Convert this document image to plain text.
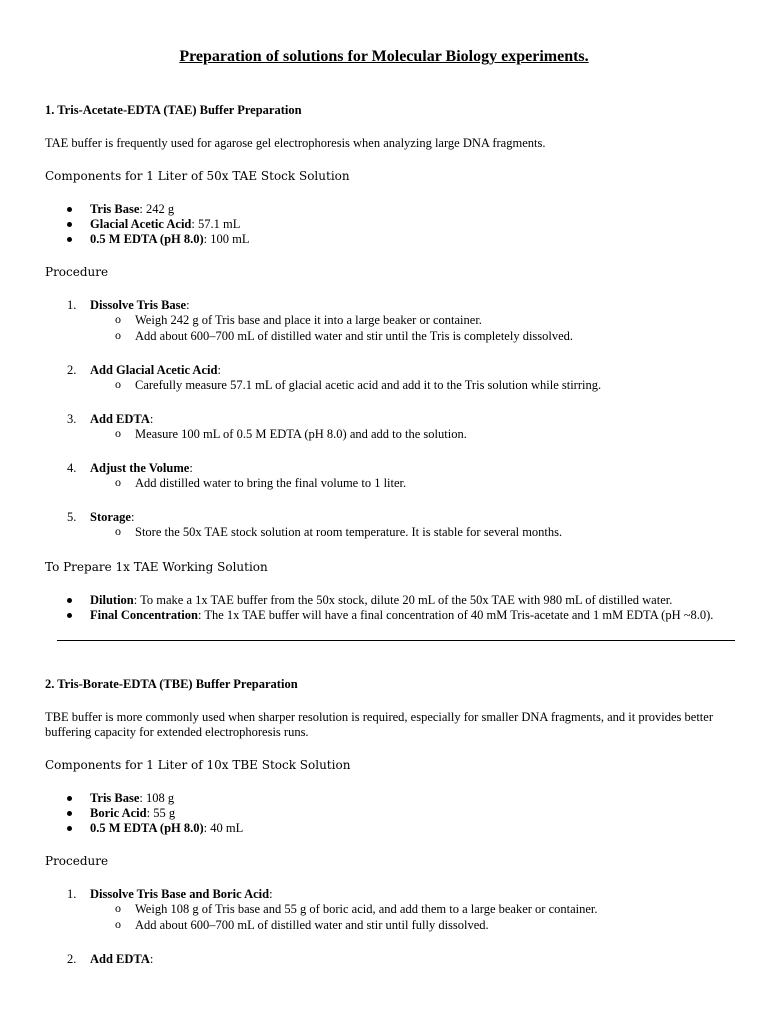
Preparation of solutions for Molecular Biology experiments.
1. Tris-Acetate-EDTA (TAE) Buffer Preparation
TAE buffer is frequently used for agarose gel electrophoresis when analyzing large DNA fragments.
Components for 1 Liter of 50x TAE Stock Solution
Tris Base: 242 g
Glacial Acetic Acid: 57.1 mL
0.5 M EDTA (pH 8.0): 100 mL
Procedure
1.	Dissolve Tris Base:
o Weigh 242 g of Tris base and place it into a large beaker or container.
o Add about 600–700 mL of distilled water and stir until the Tris is completely dissolved.
2.	Add Glacial Acetic Acid:
o Carefully measure 57.1 mL of glacial acetic acid and add it to the Tris solution while stirring.
3.	Add EDTA:
o Measure 100 mL of 0.5 M EDTA (pH 8.0) and add to the solution.
4.	Adjust the Volume:
o Add distilled water to bring the final volume to 1 liter.
5.	Storage:
o Store the 50x TAE stock solution at room temperature. It is stable for several months.
To Prepare 1x TAE Working Solution
Dilution: To make a 1x TAE buffer from the 50x stock, dilute 20 mL of the 50x TAE with 980 mL of distilled water.
Final Concentration: The 1x TAE buffer will have a final concentration of 40 mM Tris-acetate and 1 mM EDTA (pH ~8.0).
2. Tris-Borate-EDTA (TBE) Buffer Preparation
TBE buffer is more commonly used when sharper resolution is required, especially for smaller DNA fragments, and it provides better buffering capacity for extended electrophoresis runs.
Components for 1 Liter of 10x TBE Stock Solution
Tris Base: 108 g
Boric Acid: 55 g
0.5 M EDTA (pH 8.0): 40 mL
Procedure
1.	Dissolve Tris Base and Boric Acid:
o Weigh 108 g of Tris base and 55 g of boric acid, and add them to a large beaker or container.
o Add about 600–700 mL of distilled water and stir until fully dissolved.
2.	Add EDTA:
